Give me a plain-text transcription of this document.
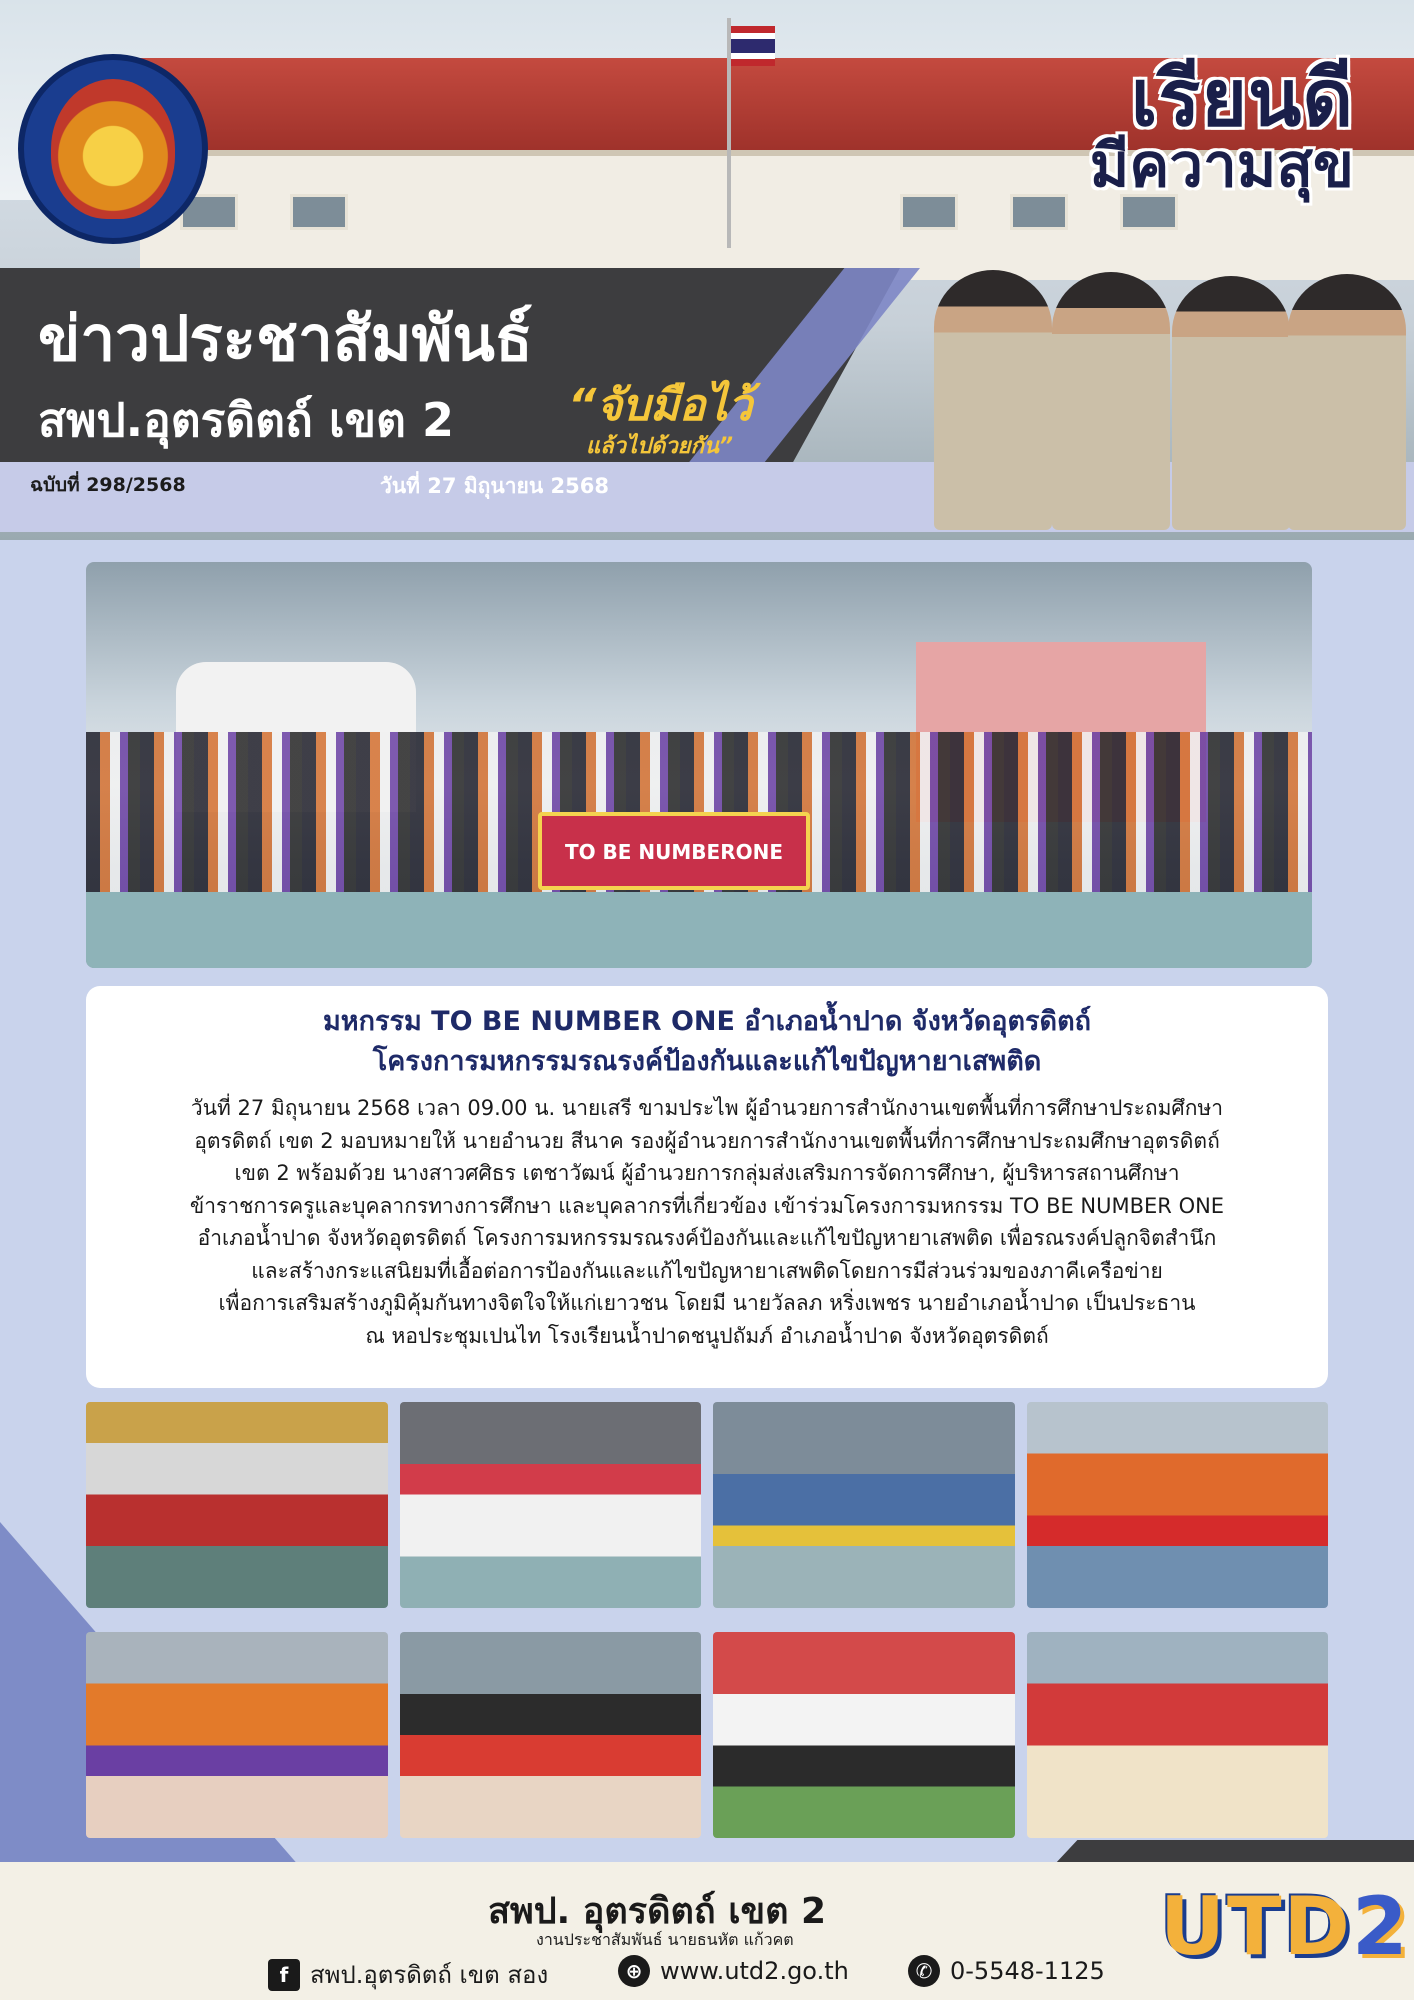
เรียนดี
มีความสุข
ข่าวประชาสัมพันธ์
สพป.อุตรดิตถ์ เขต 2	“จับมือไว้
แล้วไปด้วยกัน”
ฉบับที่ 298/2568	วันที่ 27 มิถุนายน 2568
TO BE NUMBERONE
มหกรรม TO BE NUMBER ONE อำเภอน้ำปาด จังหวัดอุตรดิตถ์
โครงการมหกรรมรณรงค์ป้องกันและแก้ไขปัญหายาเสพติด
วันที่ 27 มิถุนายน 2568 เวลา 09.00 น. นายเสรี ขามประไพ ผู้อำนวยการสำนักงานเขตพื้นที่การศึกษาประถมศึกษา
อุตรดิตถ์ เขต 2 มอบหมายให้ นายอำนวย สีนาค รองผู้อำนวยการสำนักงานเขตพื้นที่การศึกษาประถมศึกษาอุตรดิตถ์
เขต 2 พร้อมด้วย นางสาวศศิธร เตชาวัฒน์ ผู้อำนวยการกลุ่มส่งเสริมการจัดการศึกษา, ผู้บริหารสถานศึกษา
ข้าราชการครูและบุคลากรทางการศึกษา และบุคลากรที่เกี่ยวข้อง เข้าร่วมโครงการมหกรรม TO BE NUMBER ONE
อำเภอน้ำปาด จังหวัดอุตรดิตถ์ โครงการมหกรรมรณรงค์ป้องกันและแก้ไขปัญหายาเสพติด เพื่อรณรงค์ปลูกจิตสำนึก
และสร้างกระแสนิยมที่เอื้อต่อการป้องกันและแก้ไขปัญหายาเสพติดโดยการมีส่วนร่วมของภาคีเครือข่าย
เพื่อการเสริมสร้างภูมิคุ้มกันทางจิตใจให้แก่เยาวชน โดยมี นายวัลลภ หริ่งเพชร นายอำเภอน้ำปาด เป็นประธาน
ณ หอประชุมเปนไท โรงเรียนน้ำปาดชนูปถัมภ์ อำเภอน้ำปาด จังหวัดอุตรดิตถ์
สพป. อุตรดิตถ์ เขต 2
งานประชาสัมพันธ์ นายธนหัต แก้วคต
f สพป.อุตรดิตถ์ เขต สอง	⊕ www.utd2.go.th	✆ 0-5548-1125 UTD2
